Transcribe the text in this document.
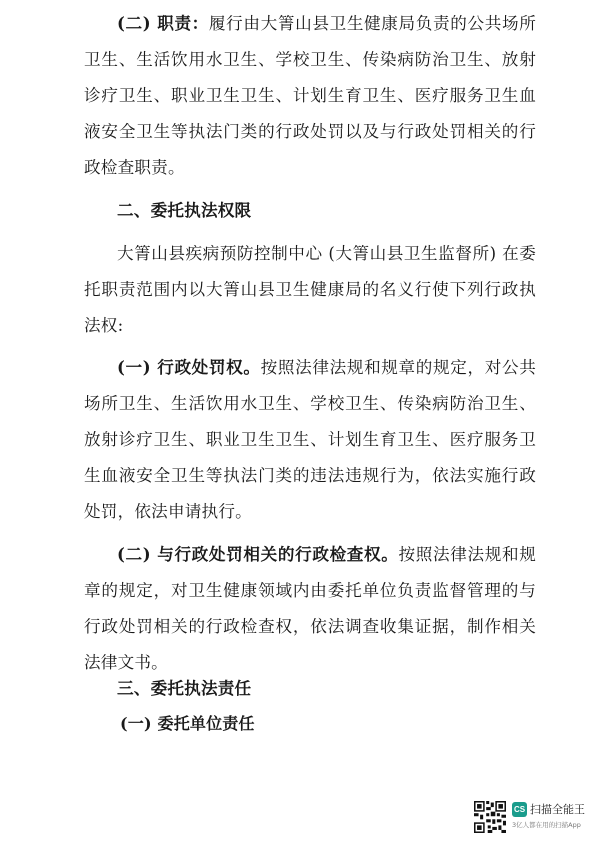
(二) 职责：履行由大箐山县卫生健康局负责的公共场所卫生、生活饮用水卫生、学校卫生、传染病防治卫生、放射诊疗卫生、职业卫生卫生、计划生育卫生、医疗服务卫生血液安全卫生等执法门类的行政处罚以及与行政处罚相关的行政检查职责。

二、委托执法权限

大箐山县疾病预防控制中心 (大箐山县卫生监督所) 在委托职责范围内以大箐山县卫生健康局的名义行使下列行政执法权:

(一) 行政处罚权。按照法律法规和规章的规定，对公共场所卫生、生活饮用水卫生、学校卫生、传染病防治卫生、放射诊疗卫生、职业卫生卫生、计划生育卫生、医疗服务卫生血液安全卫生等执法门类的违法违规行为，依法实施行政处罚，依法申请执行。

(二) 与行政处罚相关的行政检查权。按照法律法规和规章的规定，对卫生健康领域内由委托单位负责监督管理的与行政处罚相关的行政检查权，依法调查收集证据，制作相关法律文书。

三、委托执法责任

(一) 委托单位责任

CS 扫描全能王
3亿人都在用的扫描App
